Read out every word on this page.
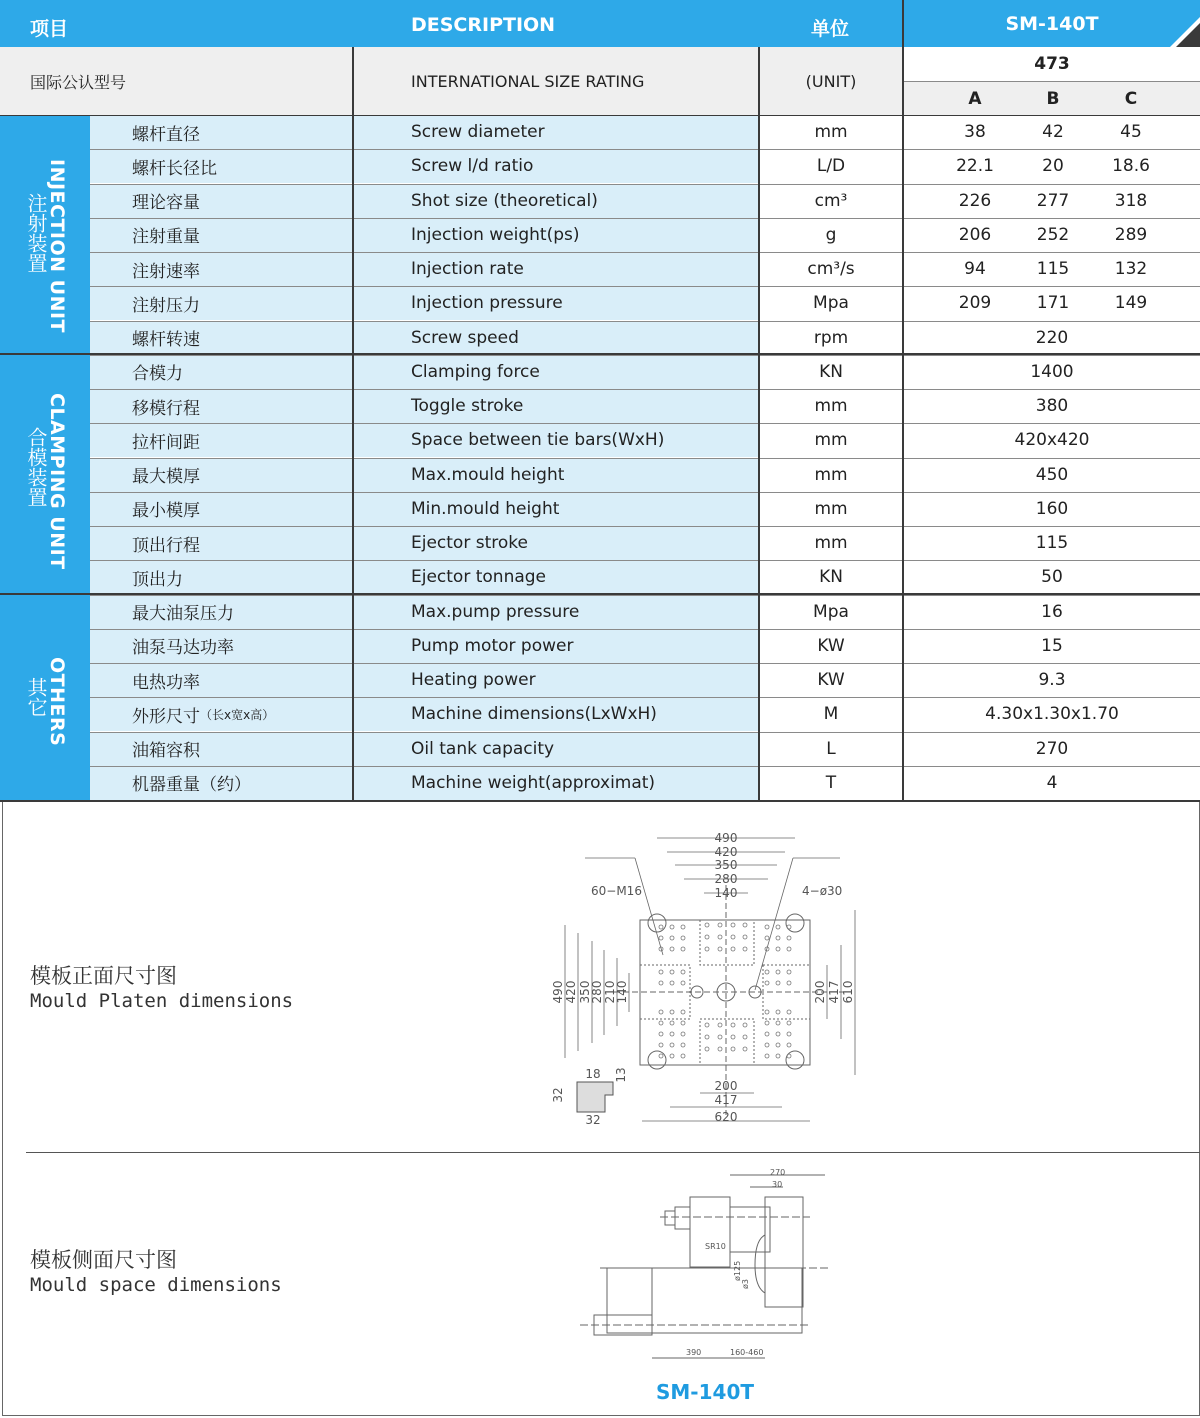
项目	DESCRIPTION	单位	SM-140T
国际公认型号	INTERNATIONAL SIZE RATING	(UNIT)
473
A	B	C
INJECTION UNIT
注射装置
CLAMPING UNIT
合模装置
OTHERS
其它
螺杆直径	Screw diameter	mm	38	42	45
螺杆长径比	Screw l/d ratio	L/D	22.1	20	18.6
理论容量	Shot size (theoretical)	cm³	226	277	318
注射重量	Injection weight(ps)	g	206	252	289
注射速率	Injection rate	cm³/s	94	115	132
注射压力	Injection pressure	Mpa	209	171	149
螺杆转速	Screw speed	rpm	220
合模力	Clamping force	KN	1400
移模行程	Toggle stroke	mm	380
拉杆间距	Space between tie bars(WxH)	mm	420x420
最大模厚	Max.mould height	mm	450
最小模厚	Min.mould height	mm	160
顶出行程	Ejector stroke	mm	115
顶出力	Ejector tonnage	KN	50
最大油泵压力	Max.pump pressure	Mpa	16
油泵马达功率	Pump motor power	KW	15
电热功率	Heating power	KW	9.3
外形尺寸 （长x宽x高）	Machine dimensions(LxWxH)	M	4.30x1.30x1.70
油箱容积	Oil tank capacity	L	270
机器重量（约）	Machine weight(approximat)	T	4
模板正面尺寸图
Mould Platen dimensions
模板侧面尺寸图
Mould space dimensions
490
420
350
280
140
200
417
620
18
32
60−M16	4−ø30
490 420 350
280 210
140	200 417 610
13
32
270
30
SR10
ø125
ø3
390	160-460
SM-140T
